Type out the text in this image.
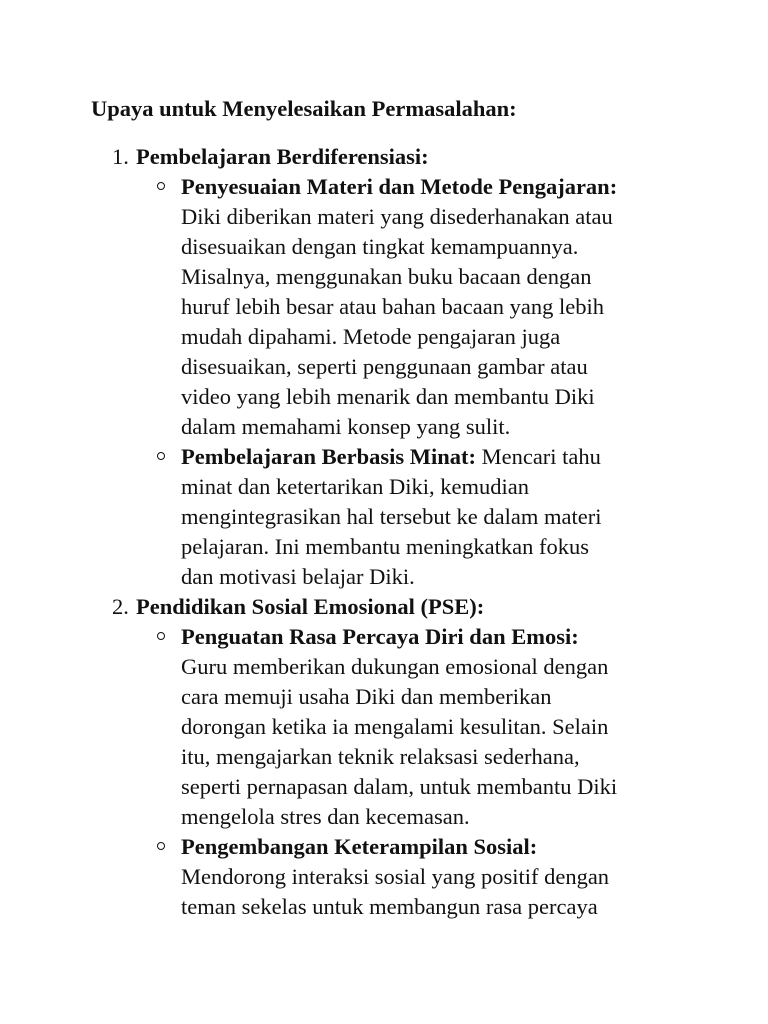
Upaya untuk Menyelesaikan Permasalahan:
1. Pembelajaran Berdiferensiasi:
Penyesuaian Materi dan Metode Pengajaran:
Diki diberikan materi yang disederhanakan atau
disesuaikan dengan tingkat kemampuannya.
Misalnya, menggunakan buku bacaan dengan
huruf lebih besar atau bahan bacaan yang lebih
mudah dipahami. Metode pengajaran juga
disesuaikan, seperti penggunaan gambar atau
video yang lebih menarik dan membantu Diki
dalam memahami konsep yang sulit.
Pembelajaran Berbasis Minat: Mencari tahu
minat dan ketertarikan Diki, kemudian
mengintegrasikan hal tersebut ke dalam materi
pelajaran. Ini membantu meningkatkan fokus
dan motivasi belajar Diki.
2. Pendidikan Sosial Emosional (PSE):
Penguatan Rasa Percaya Diri dan Emosi:
Guru memberikan dukungan emosional dengan
cara memuji usaha Diki dan memberikan
dorongan ketika ia mengalami kesulitan. Selain
itu, mengajarkan teknik relaksasi sederhana,
seperti pernapasan dalam, untuk membantu Diki
mengelola stres dan kecemasan.
Pengembangan Keterampilan Sosial:
Mendorong interaksi sosial yang positif dengan
teman sekelas untuk membangun rasa percaya
